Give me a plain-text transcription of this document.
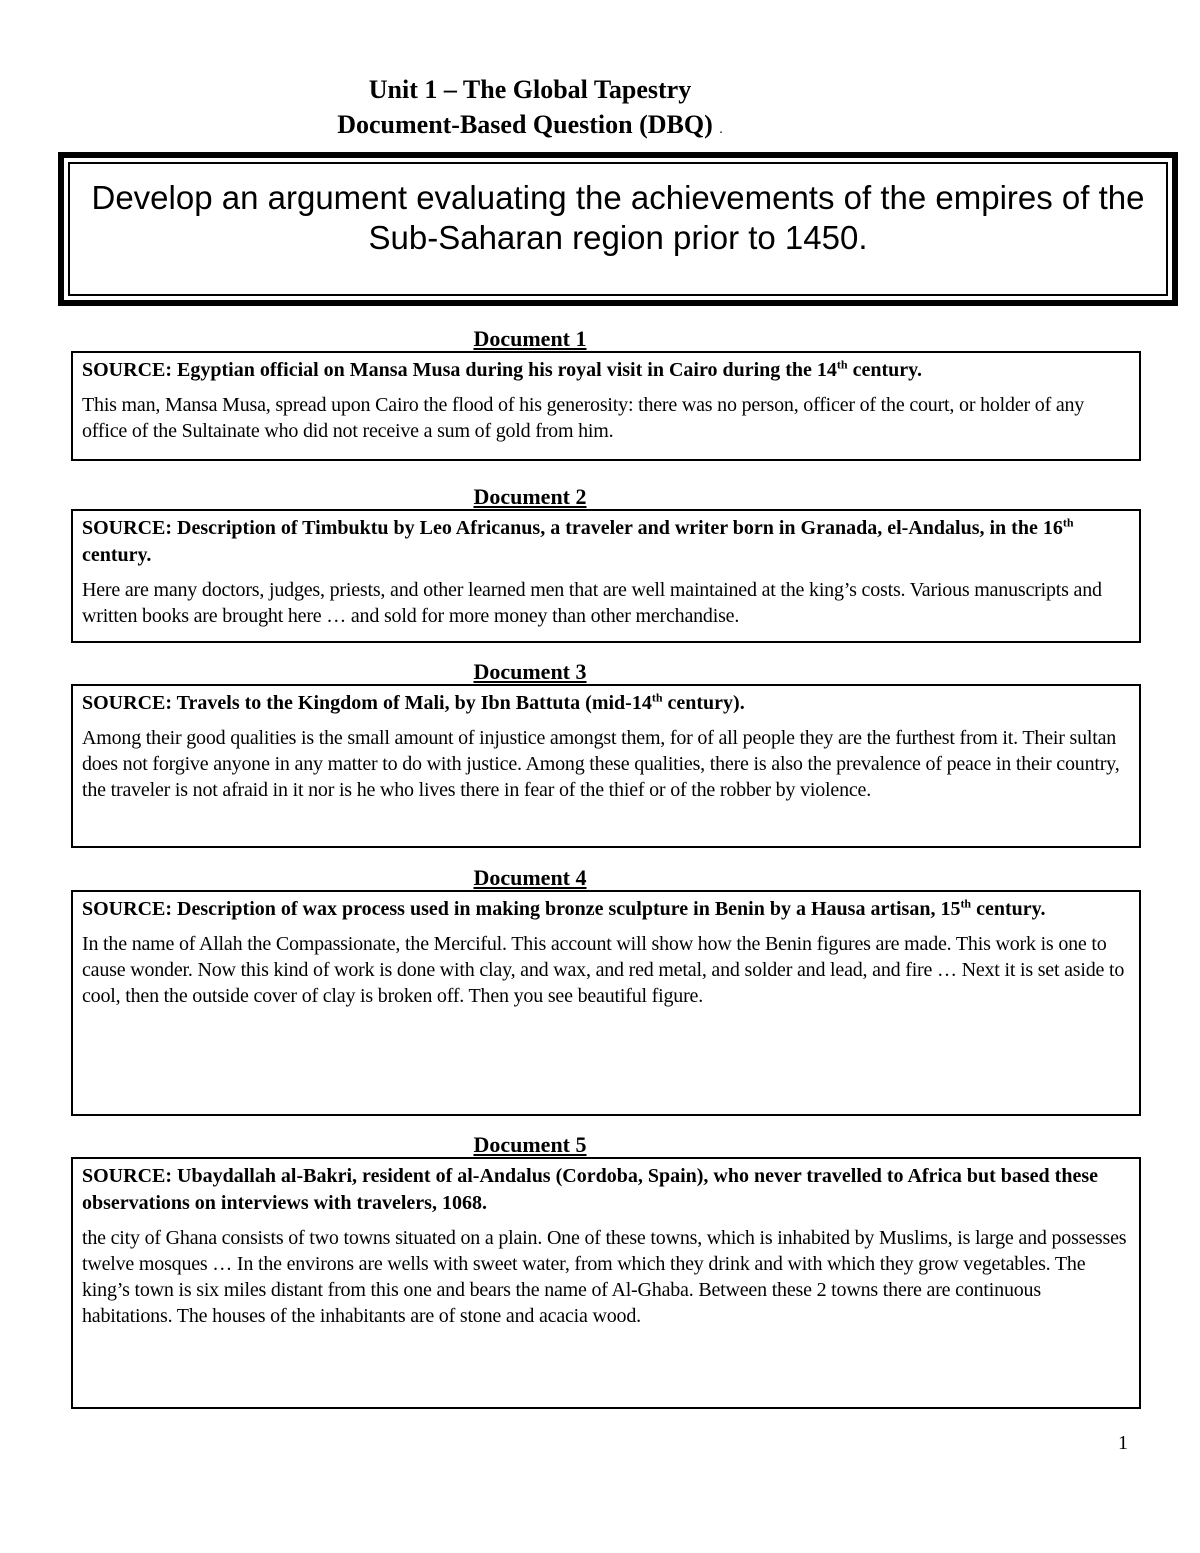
Unit 1 – The Global Tapestry
Document-Based Question (DBQ) .
Develop an argument evaluating the achievements of the empires of the
Sub-Saharan region prior to 1450.
Document 1
SOURCE: Egyptian official on Mansa Musa during his royal visit in Cairo during the 14th century.
This man, Mansa Musa, spread upon Cairo the flood of his generosity: there was no person, officer of the court, or holder of any office of the Sultainate who did not receive a sum of gold from him.
Document 2
SOURCE: Description of Timbuktu by Leo Africanus, a traveler and writer born in Granada, el-Andalus, in the 16th century.
Here are many doctors, judges, priests, and other learned men that are well maintained at the king’s costs. Various manuscripts and written books are brought here … and sold for more money than other merchandise.
Document 3
SOURCE: Travels to the Kingdom of Mali, by Ibn Battuta (mid-14th century).
Among their good qualities is the small amount of injustice amongst them, for of all people they are the furthest from it. Their sultan does not forgive anyone in any matter to do with justice. Among these qualities, there is also the prevalence of peace in their country, the traveler is not afraid in it nor is he who lives there in fear of the thief or of the robber by violence.
Document 4
SOURCE: Description of wax process used in making bronze sculpture in Benin by a Hausa artisan, 15th century.
In the name of Allah the Compassionate, the Merciful. This account will show how the Benin figures are made. This work is one to cause wonder. Now this kind of work is done with clay, and wax, and red metal, and solder and lead, and fire … Next it is set aside to cool, then the outside cover of clay is broken off. Then you see beautiful figure.
Document 5
SOURCE: Ubaydallah al-Bakri, resident of al-Andalus (Cordoba, Spain), who never travelled to Africa but based these observations on interviews with travelers, 1068.
the city of Ghana consists of two towns situated on a plain. One of these towns, which is inhabited by Muslims, is large and possesses twelve mosques … In the environs are wells with sweet water, from which they drink and with which they grow vegetables. The king’s town is six miles distant from this one and bears the name of Al-Ghaba. Between these 2 towns there are continuous habitations. The houses of the inhabitants are of stone and acacia wood.
1
